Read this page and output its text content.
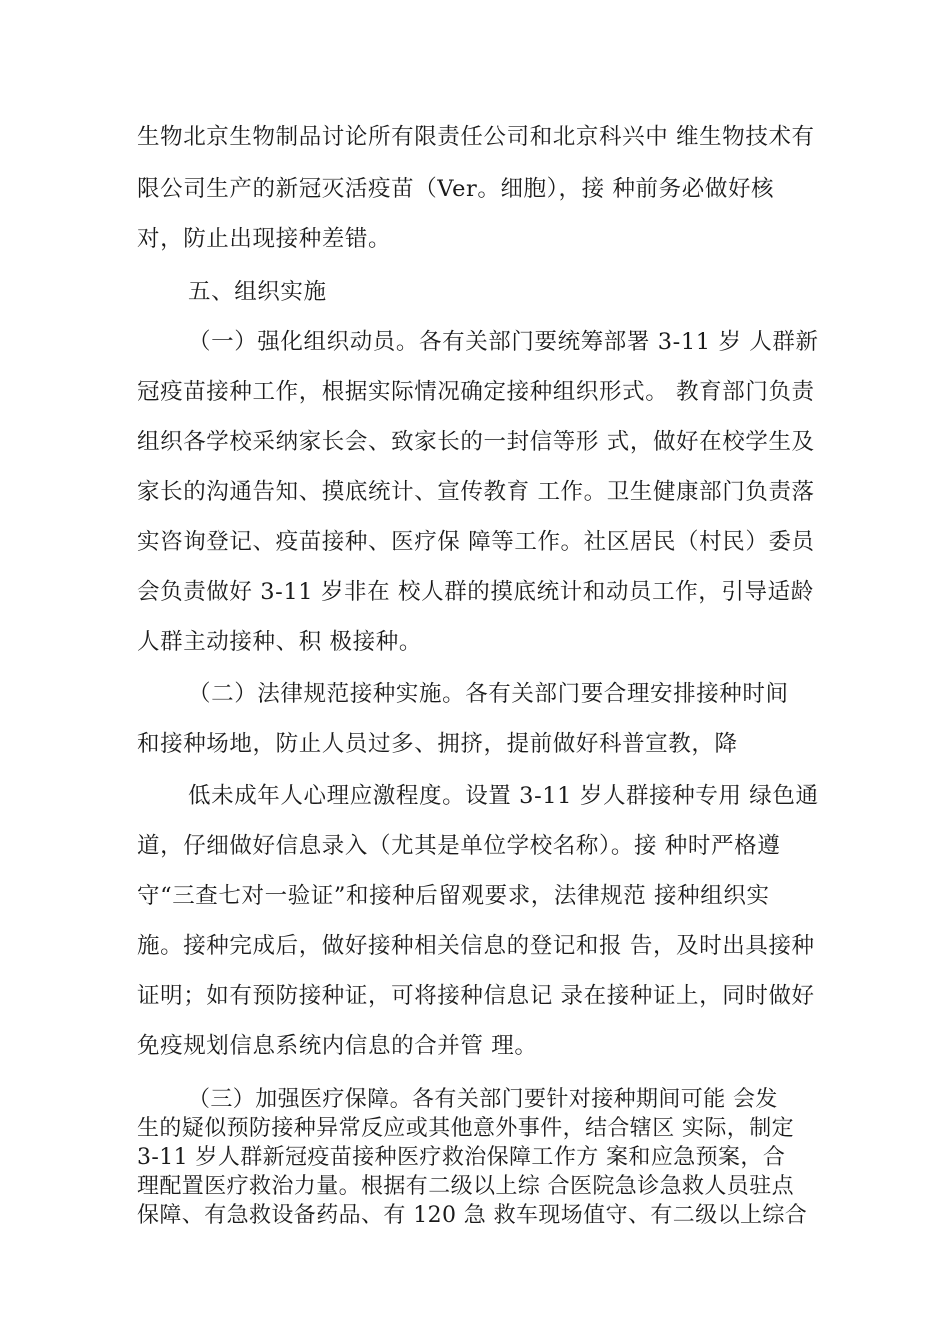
生物北京生物制品讨论所有限责任公司和北京科兴中 维生物技术有
限公司生产的新冠灭活疫苗（Ver。细胞），接 种前务必做好核
对，防止出现接种差错。
五、组织实施
（一）强化组织动员。各有关部门要统筹部署 3-11 岁 人群新
冠疫苗接种工作，根据实际情况确定接种组织形式。 教育部门负责
组织各学校采纳家长会、致家长的一封信等形 式，做好在校学生及
家长的沟通告知、摸底统计、宣传教育 工作。卫生健康部门负责落
实咨询登记、疫苗接种、医疗保 障等工作。社区居民（村民）委员
会负责做好 3-11 岁非在 校人群的摸底统计和动员工作，引导适龄
人群主动接种、积 极接种。
（二）法律规范接种实施。各有关部门要合理安排接种时间
和接种场地，防止人员过多、拥挤，提前做好科普宣教，降
低未成年人心理应激程度。设置 3-11 岁人群接种专用 绿色通
道，仔细做好信息录入（尤其是单位学校名称）。接 种时严格遵
守“三查七对一验证”和接种后留观要求，法律规范 接种组织实
施。接种完成后，做好接种相关信息的登记和报 告，及时出具接种
证明；如有预防接种证，可将接种信息记 录在接种证上，同时做好
免疫规划信息系统内信息的合并管 理。
（三）加强医疗保障。各有关部门要针对接种期间可能 会发
生的疑似预防接种异常反应或其他意外事件，结合辖区 实际，制定
3-11 岁人群新冠疫苗接种医疗救治保障工作方 案和应急预案，合
理配置医疗救治力量。根据有二级以上综 合医院急诊急救人员驻点
保障、有急救设备药品、有 120 急 救车现场值守、有二级以上综合
